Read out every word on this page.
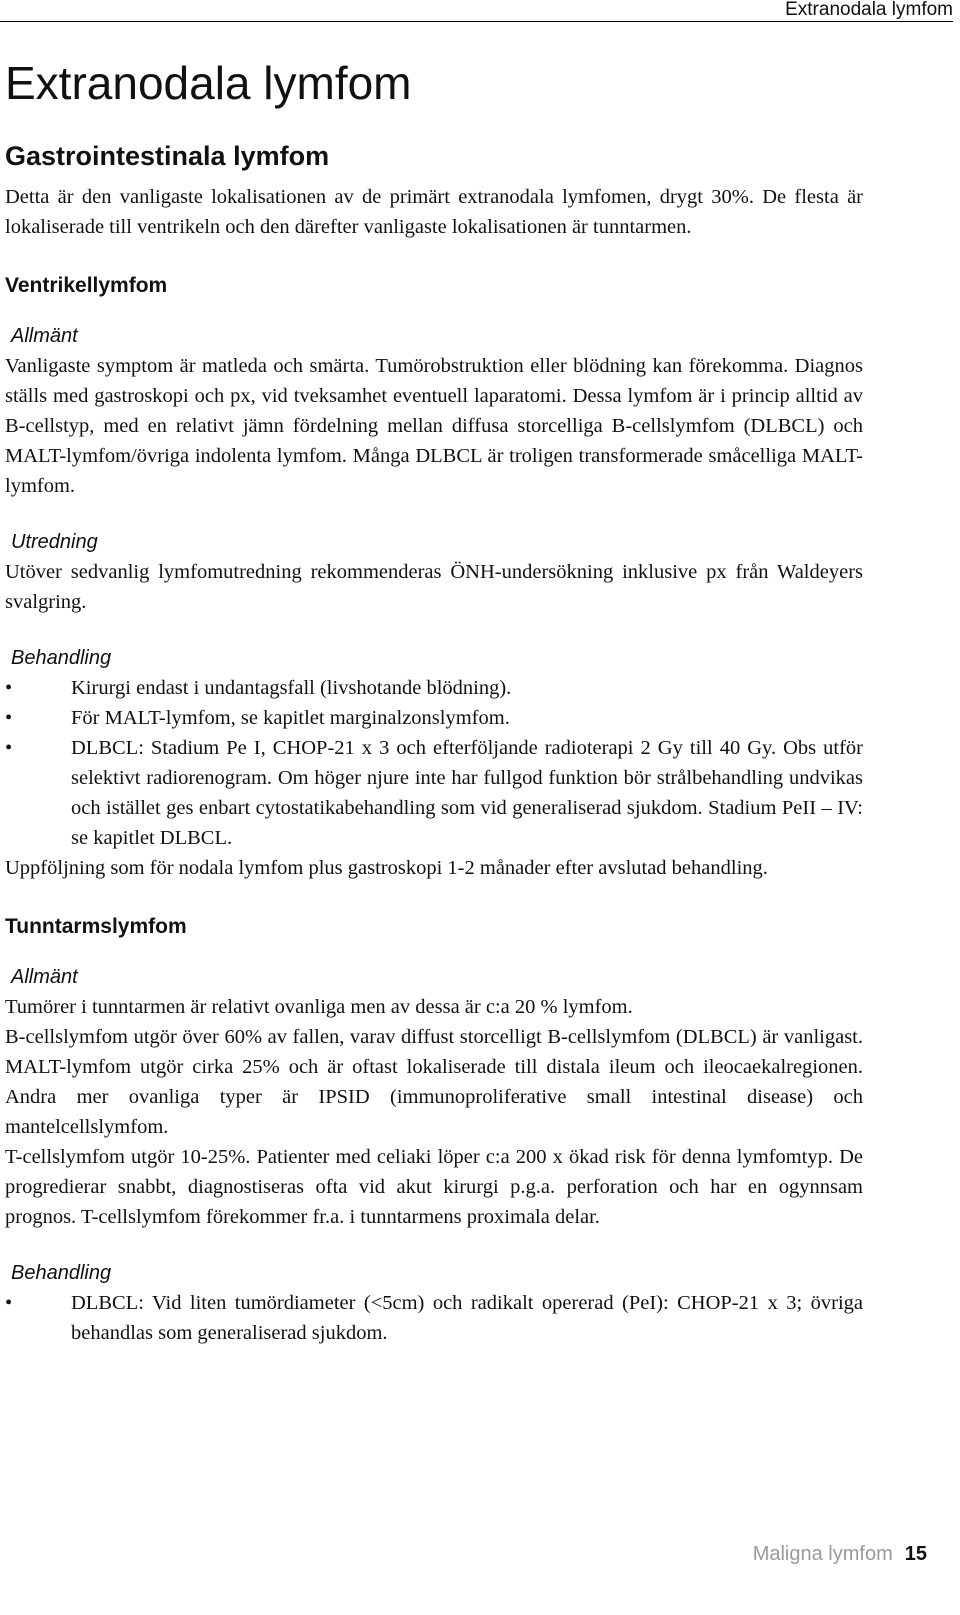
Extranodala lymfom
Extranodala lymfom
Gastrointestinala lymfom

Detta är den vanligaste lokalisationen av de primärt extranodala lymfomen, drygt 30%. De flesta är lokaliserade till ventrikeln och den därefter vanligaste lokalisationen är tunntarmen.

Ventrikellymfom
Allmänt

Vanligaste symptom är matleda och smärta. Tumörobstruktion eller blödning kan förekomma. Diagnos ställs med gastroskopi och px, vid tveksamhet eventuell laparatomi. Dessa lymfom är i princip alltid av B-cellstyp, med en relativt jämn fördelning mellan diffusa storcelliga B-cellslymfom (DLBCL) och MALT-lymfom/övriga indolenta lymfom. Många DLBCL är troligen transformerade småcelliga MALT-lymfom.

Utredning

Utöver sedvanlig lymfomutredning rekommenderas ÖNH-undersökning inklusive px från Waldeyers svalgring.

Behandling
•	Kirurgi endast i undantagsfall (livshotande blödning).
•	För MALT-lymfom, se kapitlet marginalzonslymfom.
•	DLBCL: Stadium Pe I, CHOP-21 x 3 och efterföljande radioterapi 2 Gy till 40 Gy. Obs utför selektivt radiorenogram. Om höger njure inte har fullgod funktion bör strålbehandling undvikas och istället ges enbart cytostatikabehandling som vid generaliserad sjukdom. Stadium PeII – IV: se kapitlet DLBCL.

Uppföljning som för nodala lymfom plus gastroskopi 1-2 månader efter avslutad behandling.

Tunntarmslymfom
Allmänt

Tumörer i tunntarmen är relativt ovanliga men av dessa är c:a 20 % lymfom.

B-cellslymfom utgör över 60% av fallen, varav diffust storcelligt B-cellslymfom (DLBCL) är vanligast. MALT-lymfom utgör cirka 25% och är oftast lokaliserade till distala ileum och ileocaekalregionen. Andra mer ovanliga typer är IPSID (immunoproliferative small intestinal disease) och mantelcellslymfom.

T-cellslymfom utgör 10-25%. Patienter med celiaki löper c:a 200 x ökad risk för denna lymfomtyp. De progredierar snabbt, diagnostiseras ofta vid akut kirurgi p.g.a. perforation och har en ogynnsam prognos. T-cellslymfom förekommer fr.a. i tunntarmens proximala delar.

Behandling
•	DLBCL: Vid liten tumördiameter (<5cm) och radikalt opererad (PeI): CHOP-21 x 3; övriga behandlas som generaliserad sjukdom.
Maligna lymfom 15
